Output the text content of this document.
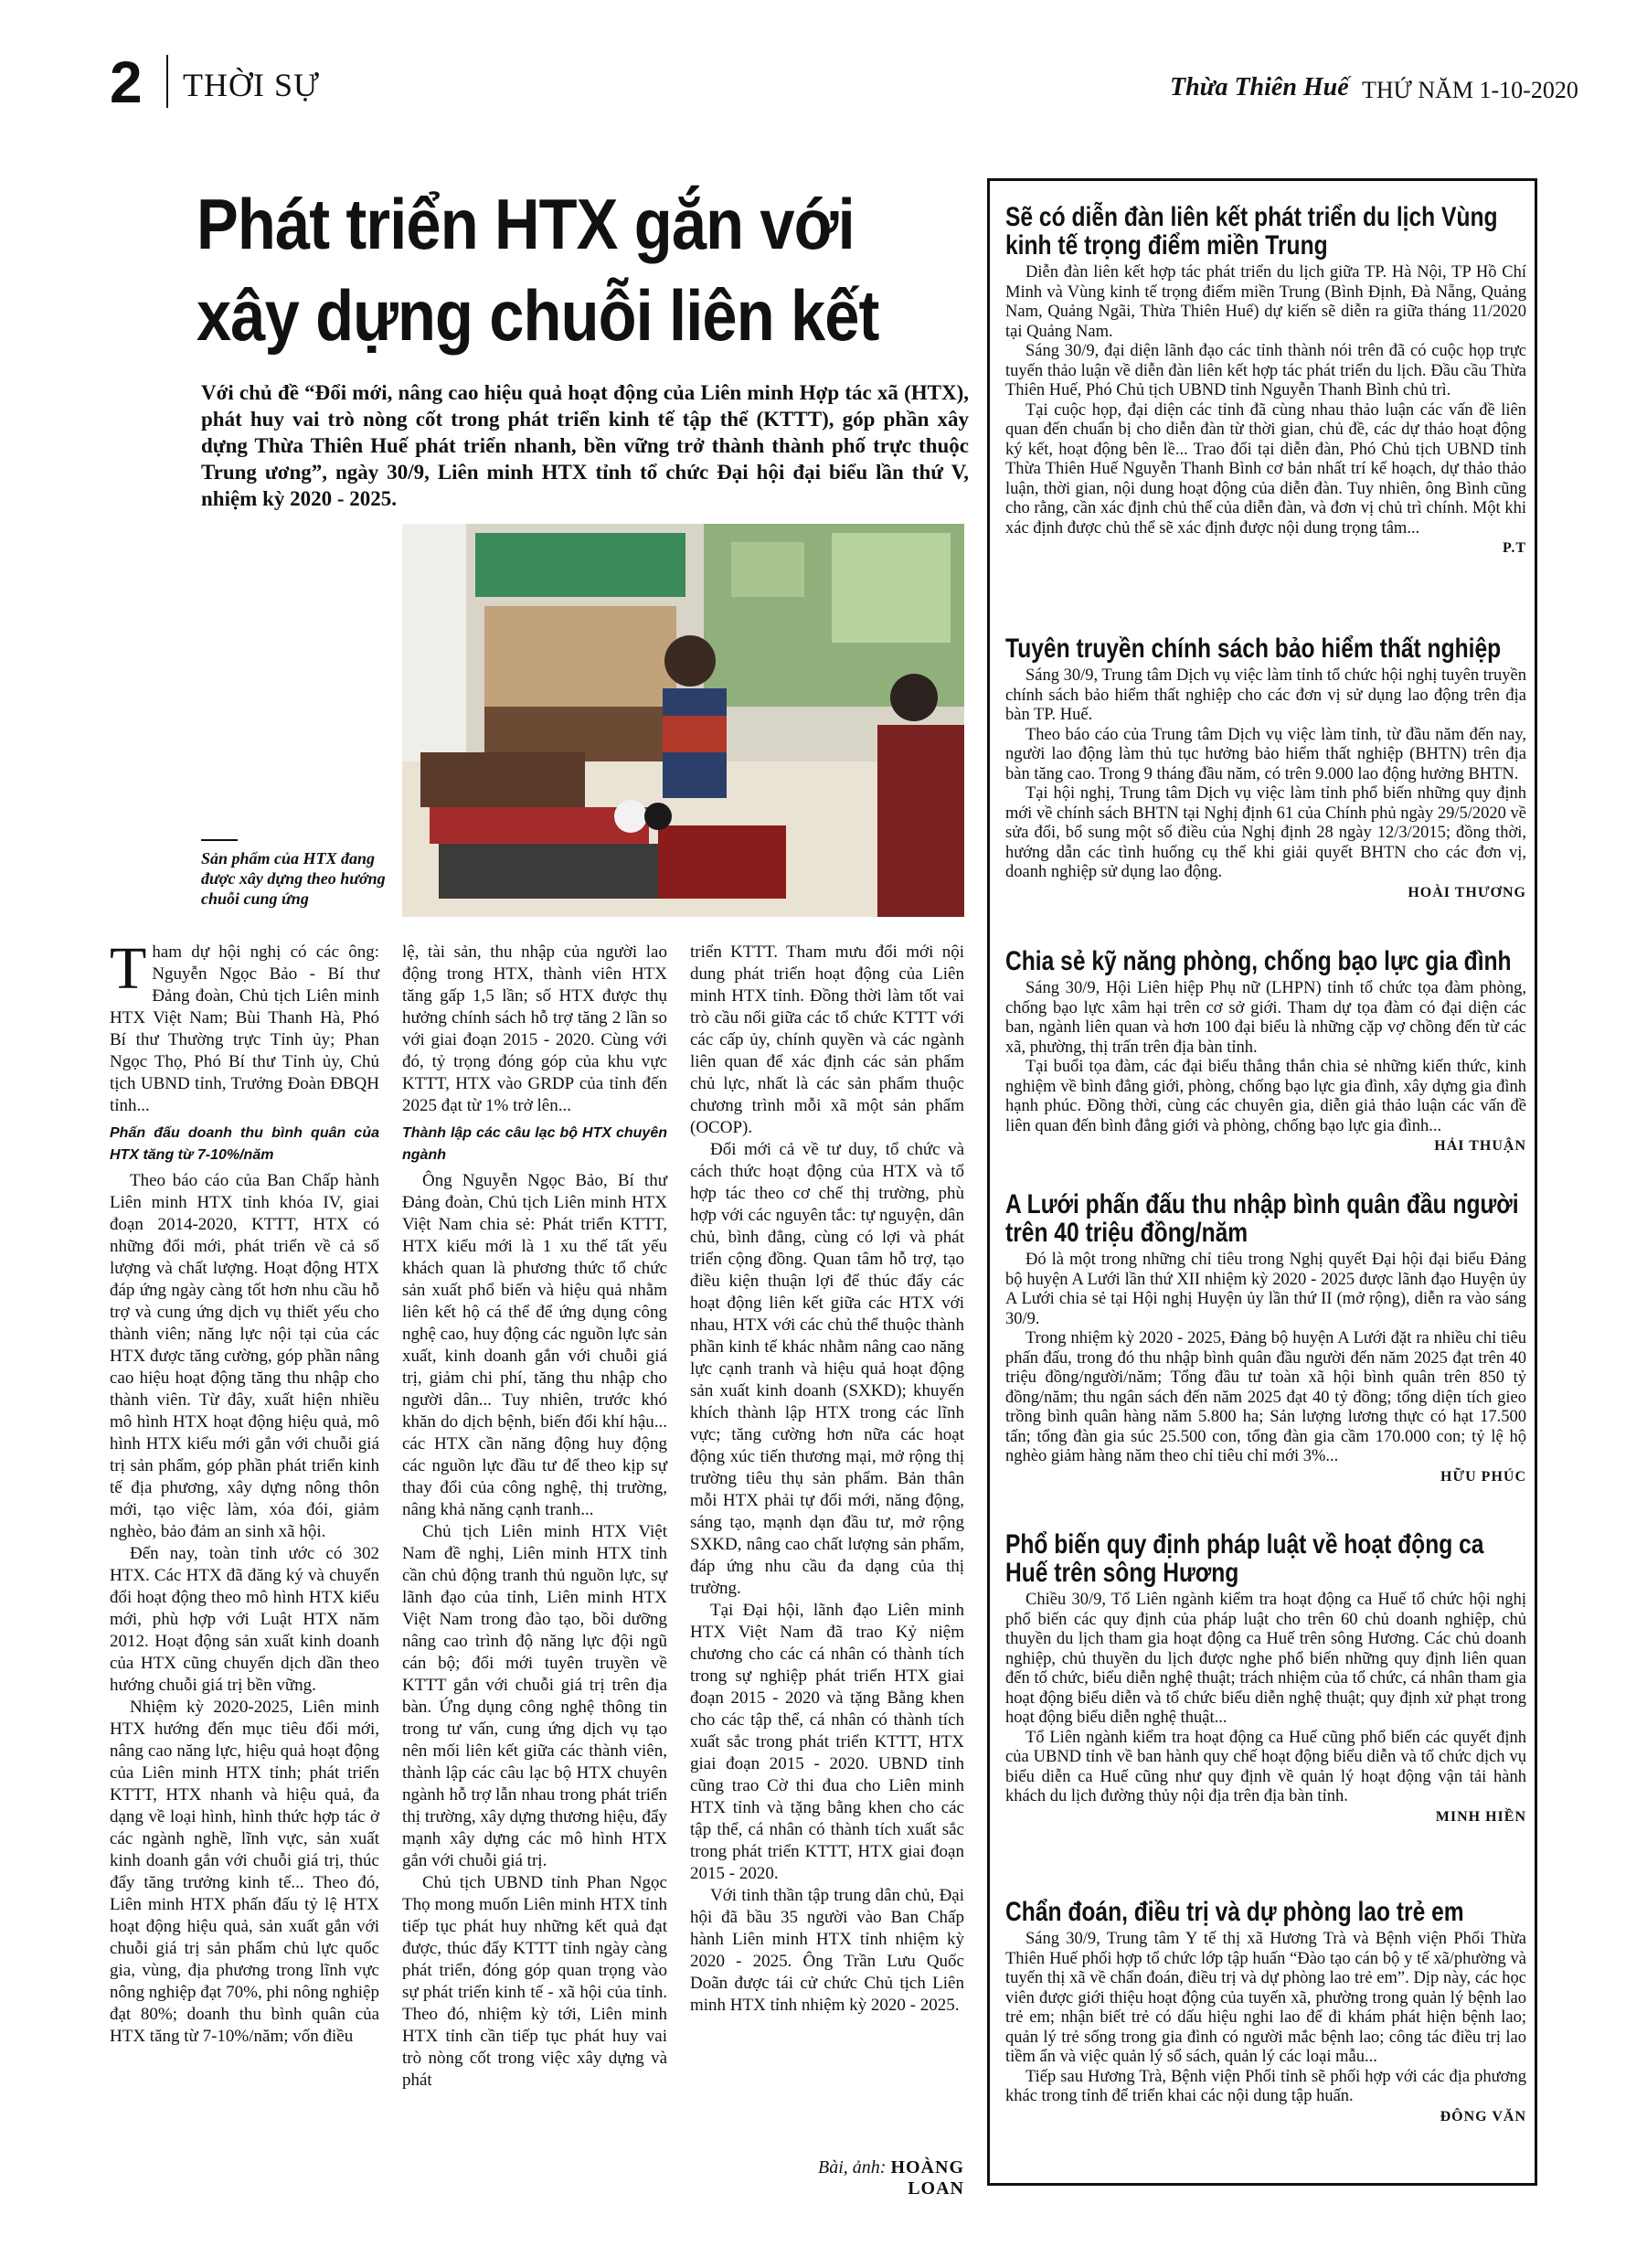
2 THỜI SỰ	Thừa Thiên Huế THỨ NĂM 1-10-2020
Phát triển HTX gắn với
xây dựng chuỗi liên kết
Với chủ đề “Đổi mới, nâng cao hiệu quả hoạt động của Liên minh Hợp tác xã (HTX), phát huy vai trò nòng cốt trong phát triển kinh tế tập thể (KTTT), góp phần xây dựng Thừa Thiên Huế phát triển nhanh, bền vững trở thành thành phố trực thuộc Trung ương”, ngày 30/9, Liên minh HTX tỉnh tổ chức Đại hội đại biểu lần thứ V, nhiệm kỳ 2020 - 2025.
Sản phẩm của HTX đang được xây dựng theo hướng chuỗi cung ứng

Tham dự hội nghị có các ông: Nguyễn Ngọc Bảo - Bí thư Đảng đoàn, Chủ tịch Liên minh HTX Việt Nam; Bùi Thanh Hà, Phó Bí thư Thường trực Tỉnh ủy; Phan Ngọc Thọ, Phó Bí thư Tỉnh ủy, Chủ tịch UBND tỉnh, Trưởng Đoàn ĐBQH tỉnh...

Phấn đấu doanh thu bình quân của HTX tăng từ 7-10%/năm

Theo báo cáo của Ban Chấp hành Liên minh HTX tỉnh khóa IV, giai đoạn 2014-2020, KTTT, HTX có những đổi mới, phát triển về cả số lượng và chất lượng. Hoạt động HTX đáp ứng ngày càng tốt hơn nhu cầu hỗ trợ và cung ứng dịch vụ thiết yếu cho thành viên; năng lực nội tại của các HTX được tăng cường, góp phần nâng cao hiệu hoạt động tăng thu nhập cho thành viên. Từ đây, xuất hiện nhiều mô hình HTX hoạt động hiệu quả, mô hình HTX kiểu mới gắn với chuỗi giá trị sản phẩm, góp phần phát triển kinh tế địa phương, xây dựng nông thôn mới, tạo việc làm, xóa đói, giảm nghèo, bảo đảm an sinh xã hội.

Đến nay, toàn tỉnh ước có 302 HTX. Các HTX đã đăng ký và chuyển đổi hoạt động theo mô hình HTX kiểu mới, phù hợp với Luật HTX năm 2012. Hoạt động sản xuất kinh doanh của HTX cũng chuyển dịch dần theo hướng chuỗi giá trị bền vững.

Nhiệm kỳ 2020-2025, Liên minh HTX hướng đến mục tiêu đổi mới, nâng cao năng lực, hiệu quả hoạt động của Liên minh HTX tỉnh; phát triển KTTT, HTX nhanh và hiệu quả, đa dạng về loại hình, hình thức hợp tác ở các ngành nghề, lĩnh vực, sản xuất kinh doanh gắn với chuỗi giá trị, thúc đẩy tăng trưởng kinh tế... Theo đó, Liên minh HTX phấn đấu tỷ lệ HTX hoạt động hiệu quả, sản xuất gắn với chuỗi giá trị sản phẩm chủ lực quốc gia, vùng, địa phương trong lĩnh vực nông nghiệp đạt 70%, phi nông nghiệp đạt 80%; doanh thu bình quân của HTX tăng từ 7-10%/năm; vốn điều

lệ, tài sản, thu nhập của người lao động trong HTX, thành viên HTX tăng gấp 1,5 lần; số HTX được thụ hưởng chính sách hỗ trợ tăng 2 lần so với giai đoạn 2015 - 2020. Cùng với đó, tỷ trọng đóng góp của khu vực KTTT, HTX vào GRDP của tỉnh đến 2025 đạt từ 1% trở lên...

Thành lập các câu lạc bộ HTX chuyên ngành

Ông Nguyễn Ngọc Bảo, Bí thư Đảng đoàn, Chủ tịch Liên minh HTX Việt Nam chia sẻ: Phát triển KTTT, HTX kiểu mới là 1 xu thế tất yếu khách quan là phương thức tổ chức sản xuất phổ biến và hiệu quả nhằm liên kết hộ cá thể để ứng dụng công nghệ cao, huy động các nguồn lực sản xuất, kinh doanh gắn với chuỗi giá trị, giảm chi phí, tăng thu nhập cho người dân... Tuy nhiên, trước khó khăn do dịch bệnh, biến đổi khí hậu... các HTX cần năng động huy động các nguồn lực đầu tư để theo kịp sự thay đổi của công nghệ, thị trường, nâng khả năng cạnh tranh...

Chủ tịch Liên minh HTX Việt Nam đề nghị, Liên minh HTX tỉnh cần chủ động tranh thủ nguồn lực, sự lãnh đạo của tỉnh, Liên minh HTX Việt Nam trong đào tạo, bồi dưỡng nâng cao trình độ năng lực đội ngũ cán bộ; đổi mới tuyên truyền về KTTT gắn với chuỗi giá trị trên địa bàn. Ứng dụng công nghệ thông tin trong tư vấn, cung ứng dịch vụ tạo nên mối liên kết giữa các thành viên, thành lập các câu lạc bộ HTX chuyên ngành hỗ trợ lẫn nhau trong phát triển thị trường, xây dựng thương hiệu, đẩy mạnh xây dựng các mô hình HTX gắn với chuỗi giá trị.

Chủ tịch UBND tỉnh Phan Ngọc Thọ mong muốn Liên minh HTX tỉnh tiếp tục phát huy những kết quả đạt được, thúc đẩy KTTT tỉnh ngày càng phát triển, đóng góp quan trọng vào sự phát triển kinh tế - xã hội của tỉnh. Theo đó, nhiệm kỳ tới, Liên minh HTX tỉnh cần tiếp tục phát huy vai trò nòng cốt trong việc xây dựng và phát

triển KTTT. Tham mưu đổi mới nội dung phát triển hoạt động của Liên minh HTX tỉnh. Đồng thời làm tốt vai trò cầu nối giữa các tổ chức KTTT với các cấp ủy, chính quyền và các ngành liên quan để xác định các sản phẩm chủ lực, nhất là các sản phẩm thuộc chương trình mỗi xã một sản phẩm (OCOP).

Đổi mới cả về tư duy, tổ chức và cách thức hoạt động của HTX và tổ hợp tác theo cơ chế thị trường, phù hợp với các nguyên tắc: tự nguyện, dân chủ, bình đẳng, cùng có lợi và phát triển cộng đồng. Quan tâm hỗ trợ, tạo điều kiện thuận lợi để thúc đẩy các hoạt động liên kết giữa các HTX với nhau, HTX với các chủ thể thuộc thành phần kinh tế khác nhằm nâng cao năng lực cạnh tranh và hiệu quả hoạt động sản xuất kinh doanh (SXKD); khuyến khích thành lập HTX trong các lĩnh vực; tăng cường hơn nữa các hoạt động xúc tiến thương mại, mở rộng thị trường tiêu thụ sản phẩm. Bản thân mỗi HTX phải tự đổi mới, năng động, sáng tạo, mạnh dạn đầu tư, mở rộng SXKD, nâng cao chất lượng sản phẩm, đáp ứng nhu cầu đa dạng của thị trường.

Tại Đại hội, lãnh đạo Liên minh HTX Việt Nam đã trao Kỷ niệm chương cho các cá nhân có thành tích trong sự nghiệp phát triển HTX giai đoạn 2015 - 2020 và tặng Bằng khen cho các tập thể, cá nhân có thành tích xuất sắc trong phát triển KTTT, HTX giai đoạn 2015 - 2020. UBND tỉnh cũng trao Cờ thi đua cho Liên minh HTX tỉnh và tặng bằng khen cho các tập thể, cá nhân có thành tích xuất sắc trong phát triển KTTT, HTX giai đoạn 2015 - 2020.

Với tinh thần tập trung dân chủ, Đại hội đã bầu 35 người vào Ban Chấp hành Liên minh HTX tỉnh nhiệm kỳ 2020 - 2025. Ông Trần Lưu Quốc Doãn được tái cử chức Chủ tịch Liên minh HTX tỉnh nhiệm kỳ 2020 - 2025.

Bài, ảnh: HOÀNG LOAN
Sẽ có diễn đàn liên kết phát triển du lịch Vùng kinh tế trọng điểm miền Trung

Diễn đàn liên kết hợp tác phát triển du lịch giữa TP. Hà Nội, TP Hồ Chí Minh và Vùng kinh tế trọng điểm miền Trung (Bình Định, Đà Nẵng, Quảng Nam, Quảng Ngãi, Thừa Thiên Huế) dự kiến sẽ diễn ra giữa tháng 11/2020 tại Quảng Nam.

Sáng 30/9, đại diện lãnh đạo các tỉnh thành nói trên đã có cuộc họp trực tuyến thảo luận về diễn đàn liên kết hợp tác phát triển du lịch. Đầu cầu Thừa Thiên Huế, Phó Chủ tịch UBND tỉnh Nguyễn Thanh Bình chủ trì.

Tại cuộc họp, đại diện các tỉnh đã cùng nhau thảo luận các vấn đề liên quan đến chuẩn bị cho diễn đàn từ thời gian, chủ đề, các dự thảo hoạt động ký kết, hoạt động bên lề... Trao đổi tại diễn đàn, Phó Chủ tịch UBND tỉnh Thừa Thiên Huế Nguyễn Thanh Bình cơ bản nhất trí kế hoạch, dự thảo thảo luận, thời gian, nội dung hoạt động của diễn đàn. Tuy nhiên, ông Bình cũng cho rằng, cần xác định chủ thể của diễn đàn, và đơn vị chủ trì chính. Một khi xác định được chủ thể sẽ xác định được nội dung trọng tâm...

P.T
Tuyên truyền chính sách bảo hiểm thất nghiệp

Sáng 30/9, Trung tâm Dịch vụ việc làm tỉnh tổ chức hội nghị tuyên truyền chính sách bảo hiểm thất nghiệp cho các đơn vị sử dụng lao động trên địa bàn TP. Huế.

Theo báo cáo của Trung tâm Dịch vụ việc làm tỉnh, từ đầu năm đến nay, người lao động làm thủ tục hưởng bảo hiểm thất nghiệp (BHTN) trên địa bàn tăng cao. Trong 9 tháng đầu năm, có trên 9.000 lao động hưởng BHTN.

Tại hội nghị, Trung tâm Dịch vụ việc làm tỉnh phổ biến những quy định mới về chính sách BHTN tại Nghị định 61 của Chính phủ ngày 29/5/2020 về sửa đổi, bổ sung một số điều của Nghị định 28 ngày 12/3/2015; đồng thời, hướng dẫn các tình huống cụ thể khi giải quyết BHTN cho các đơn vị, doanh nghiệp sử dụng lao động.

HOÀI THƯƠNG
Chia sẻ kỹ năng phòng, chống bạo lực gia đình

Sáng 30/9, Hội Liên hiệp Phụ nữ (LHPN) tỉnh tổ chức tọa đàm phòng, chống bạo lực xâm hại trên cơ sở giới. Tham dự tọa đàm có đại diện các ban, ngành liên quan và hơn 100 đại biểu là những cặp vợ chồng đến từ các xã, phường, thị trấn trên địa bàn tỉnh.

Tại buổi tọa đàm, các đại biểu thẳng thắn chia sẻ những kiến thức, kinh nghiệm về bình đẳng giới, phòng, chống bạo lực gia đình, xây dựng gia đình hạnh phúc. Đồng thời, cùng các chuyên gia, diễn giả thảo luận các vấn đề liên quan đến bình đẳng giới và phòng, chống bạo lực gia đình...

HẢI THUẬN
A Lưới phấn đấu thu nhập bình quân đầu người trên 40 triệu đồng/năm

Đó là một trong những chỉ tiêu trong Nghị quyết Đại hội đại biểu Đảng bộ huyện A Lưới lần thứ XII nhiệm kỳ 2020 - 2025 được lãnh đạo Huyện ủy A Lưới chia sẻ tại Hội nghị Huyện ủy lần thứ II (mở rộng), diễn ra vào sáng 30/9.

Trong nhiệm kỳ 2020 - 2025, Đảng bộ huyện A Lưới đặt ra nhiều chỉ tiêu phấn đấu, trong đó thu nhập bình quân đầu người đến năm 2025 đạt trên 40 triệu đồng/người/năm; Tổng đầu tư toàn xã hội bình quân trên 850 tỷ đồng/năm; thu ngân sách đến năm 2025 đạt 40 tỷ đồng; tổng diện tích gieo trồng bình quân hàng năm 5.800 ha; Sản lượng lương thực có hạt 17.500 tấn; tổng đàn gia súc 25.500 con, tổng đàn gia cầm 170.000 con; tỷ lệ hộ nghèo giảm hàng năm theo chỉ tiêu chỉ mới 3%...

HỮU PHÚC
Phổ biến quy định pháp luật về hoạt động ca Huế trên sông Hương

Chiều 30/9, Tổ Liên ngành kiểm tra hoạt động ca Huế tổ chức hội nghị phổ biến các quy định của pháp luật cho trên 60 chủ doanh nghiệp, chủ thuyền du lịch tham gia hoạt động ca Huế trên sông Hương. Các chủ doanh nghiệp, chủ thuyền du lịch được nghe phổ biến những quy định liên quan đến tổ chức, biểu diễn nghệ thuật; trách nhiệm của tổ chức, cá nhân tham gia hoạt động biểu diễn và tổ chức biểu diễn nghệ thuật; quy định xử phạt trong hoạt động biểu diễn nghệ thuật...

Tổ Liên ngành kiểm tra hoạt động ca Huế cũng phổ biến các quyết định của UBND tỉnh về ban hành quy chế hoạt động biểu diễn và tổ chức dịch vụ biểu diễn ca Huế cũng như quy định về quản lý hoạt động vận tải hành khách du lịch đường thủy nội địa trên địa bàn tỉnh.

MINH HIỀN
Chẩn đoán, điều trị và dự phòng lao trẻ em

Sáng 30/9, Trung tâm Y tế thị xã Hương Trà và Bệnh viện Phổi Thừa Thiên Huế phối hợp tổ chức lớp tập huấn “Đào tạo cán bộ y tế xã/phường và tuyến thị xã về chẩn đoán, điều trị và dự phòng lao trẻ em”. Dịp này, các học viên được giới thiệu hoạt động của tuyến xã, phường trong quản lý bệnh lao trẻ em; nhận biết trẻ có dấu hiệu nghi lao để đi khám phát hiện bệnh lao; quản lý trẻ sống trong gia đình có người mắc bệnh lao; công tác điều trị lao tiềm ẩn và việc quản lý sổ sách, quản lý các loại mẫu...

Tiếp sau Hương Trà, Bệnh viện Phổi tỉnh sẽ phối hợp với các địa phương khác trong tỉnh để triển khai các nội dung tập huấn.

ĐÔNG VĂN
